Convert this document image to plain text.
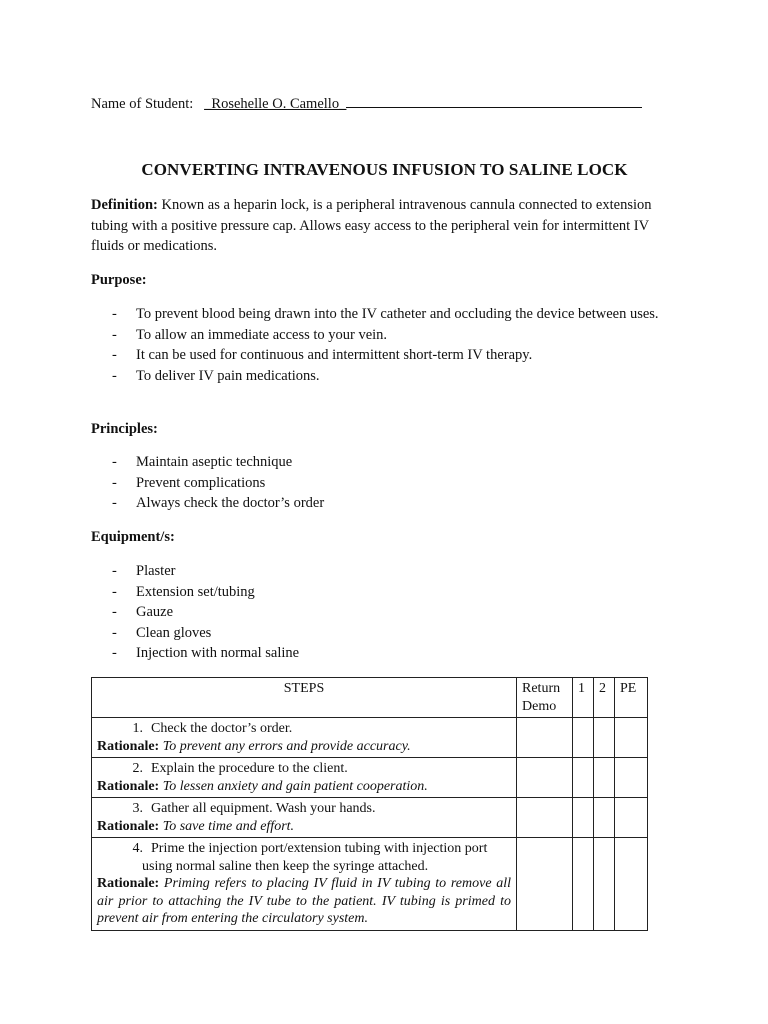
Name of Student: _Rosehelle O. Camello_
CONVERTING INTRAVENOUS INFUSION TO SALINE LOCK
Definition: Known as a heparin lock, is a peripheral intravenous cannula connected to extension tubing with a positive pressure cap. Allows easy access to the peripheral vein for intermittent IV fluids or medications.
Purpose:
- To prevent blood being drawn into the IV catheter and occluding the device between uses.
- To allow an immediate access to your vein.
- It can be used for continuous and intermittent short-term IV therapy.
- To deliver IV pain medications.
Principles:
- Maintain aseptic technique
- Prevent complications
- Always check the doctor’s order
Equipment/s:
- Plaster
- Extension set/tubing
- Gauze
- Clean gloves
- Injection with normal saline
STEPS	Return Demo	1	2	PE

1. Check the doctor’s order.
Rationale: To prevent any errors and provide accuracy.				

2. Explain the procedure to the client.
Rationale: To lessen anxiety and gain patient cooperation.				

3. Gather all equipment. Wash your hands.
Rationale: To save time and effort.				

4. Prime the injection port/extension tubing with injection port
using normal saline then keep the syringe attached.
Rationale: Priming refers to placing IV fluid in IV tubing to remove all air prior to attaching the IV tube to the patient. IV tubing is primed to prevent air from entering the circulatory system.				
